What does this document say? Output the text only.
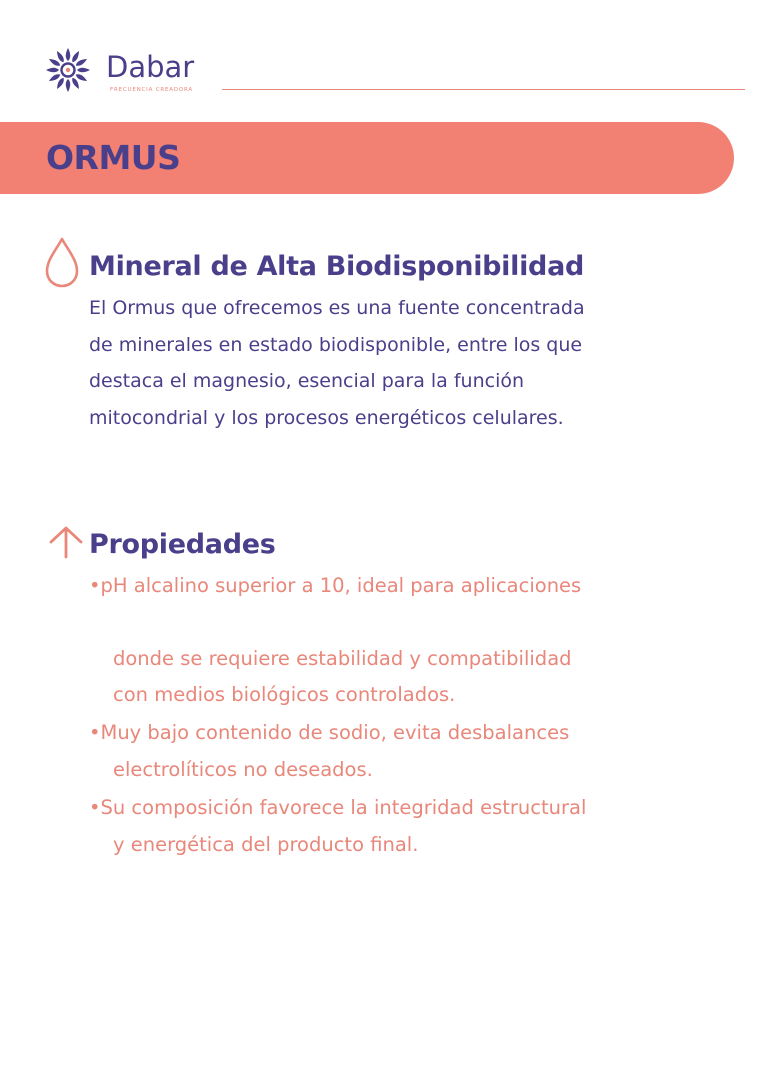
Dabar
FRECUENCIA CREADORA
ORMUS
Mineral de Alta Biodisponibilidad
El Ormus que ofrecemos es una fuente concentrada
de minerales en estado biodisponible, entre los que
destaca el magnesio, esencial para la función
mitocondrial y los procesos energéticos celulares.
Propiedades
•pH alcalino superior a 10, ideal para aplicaciones
donde se requiere estabilidad y compatibilidad
con medios biológicos controlados.
•Muy bajo contenido de sodio, evita desbalances
electrolíticos no deseados.
•Su composición favorece la integridad estructural
y energética del producto final.
